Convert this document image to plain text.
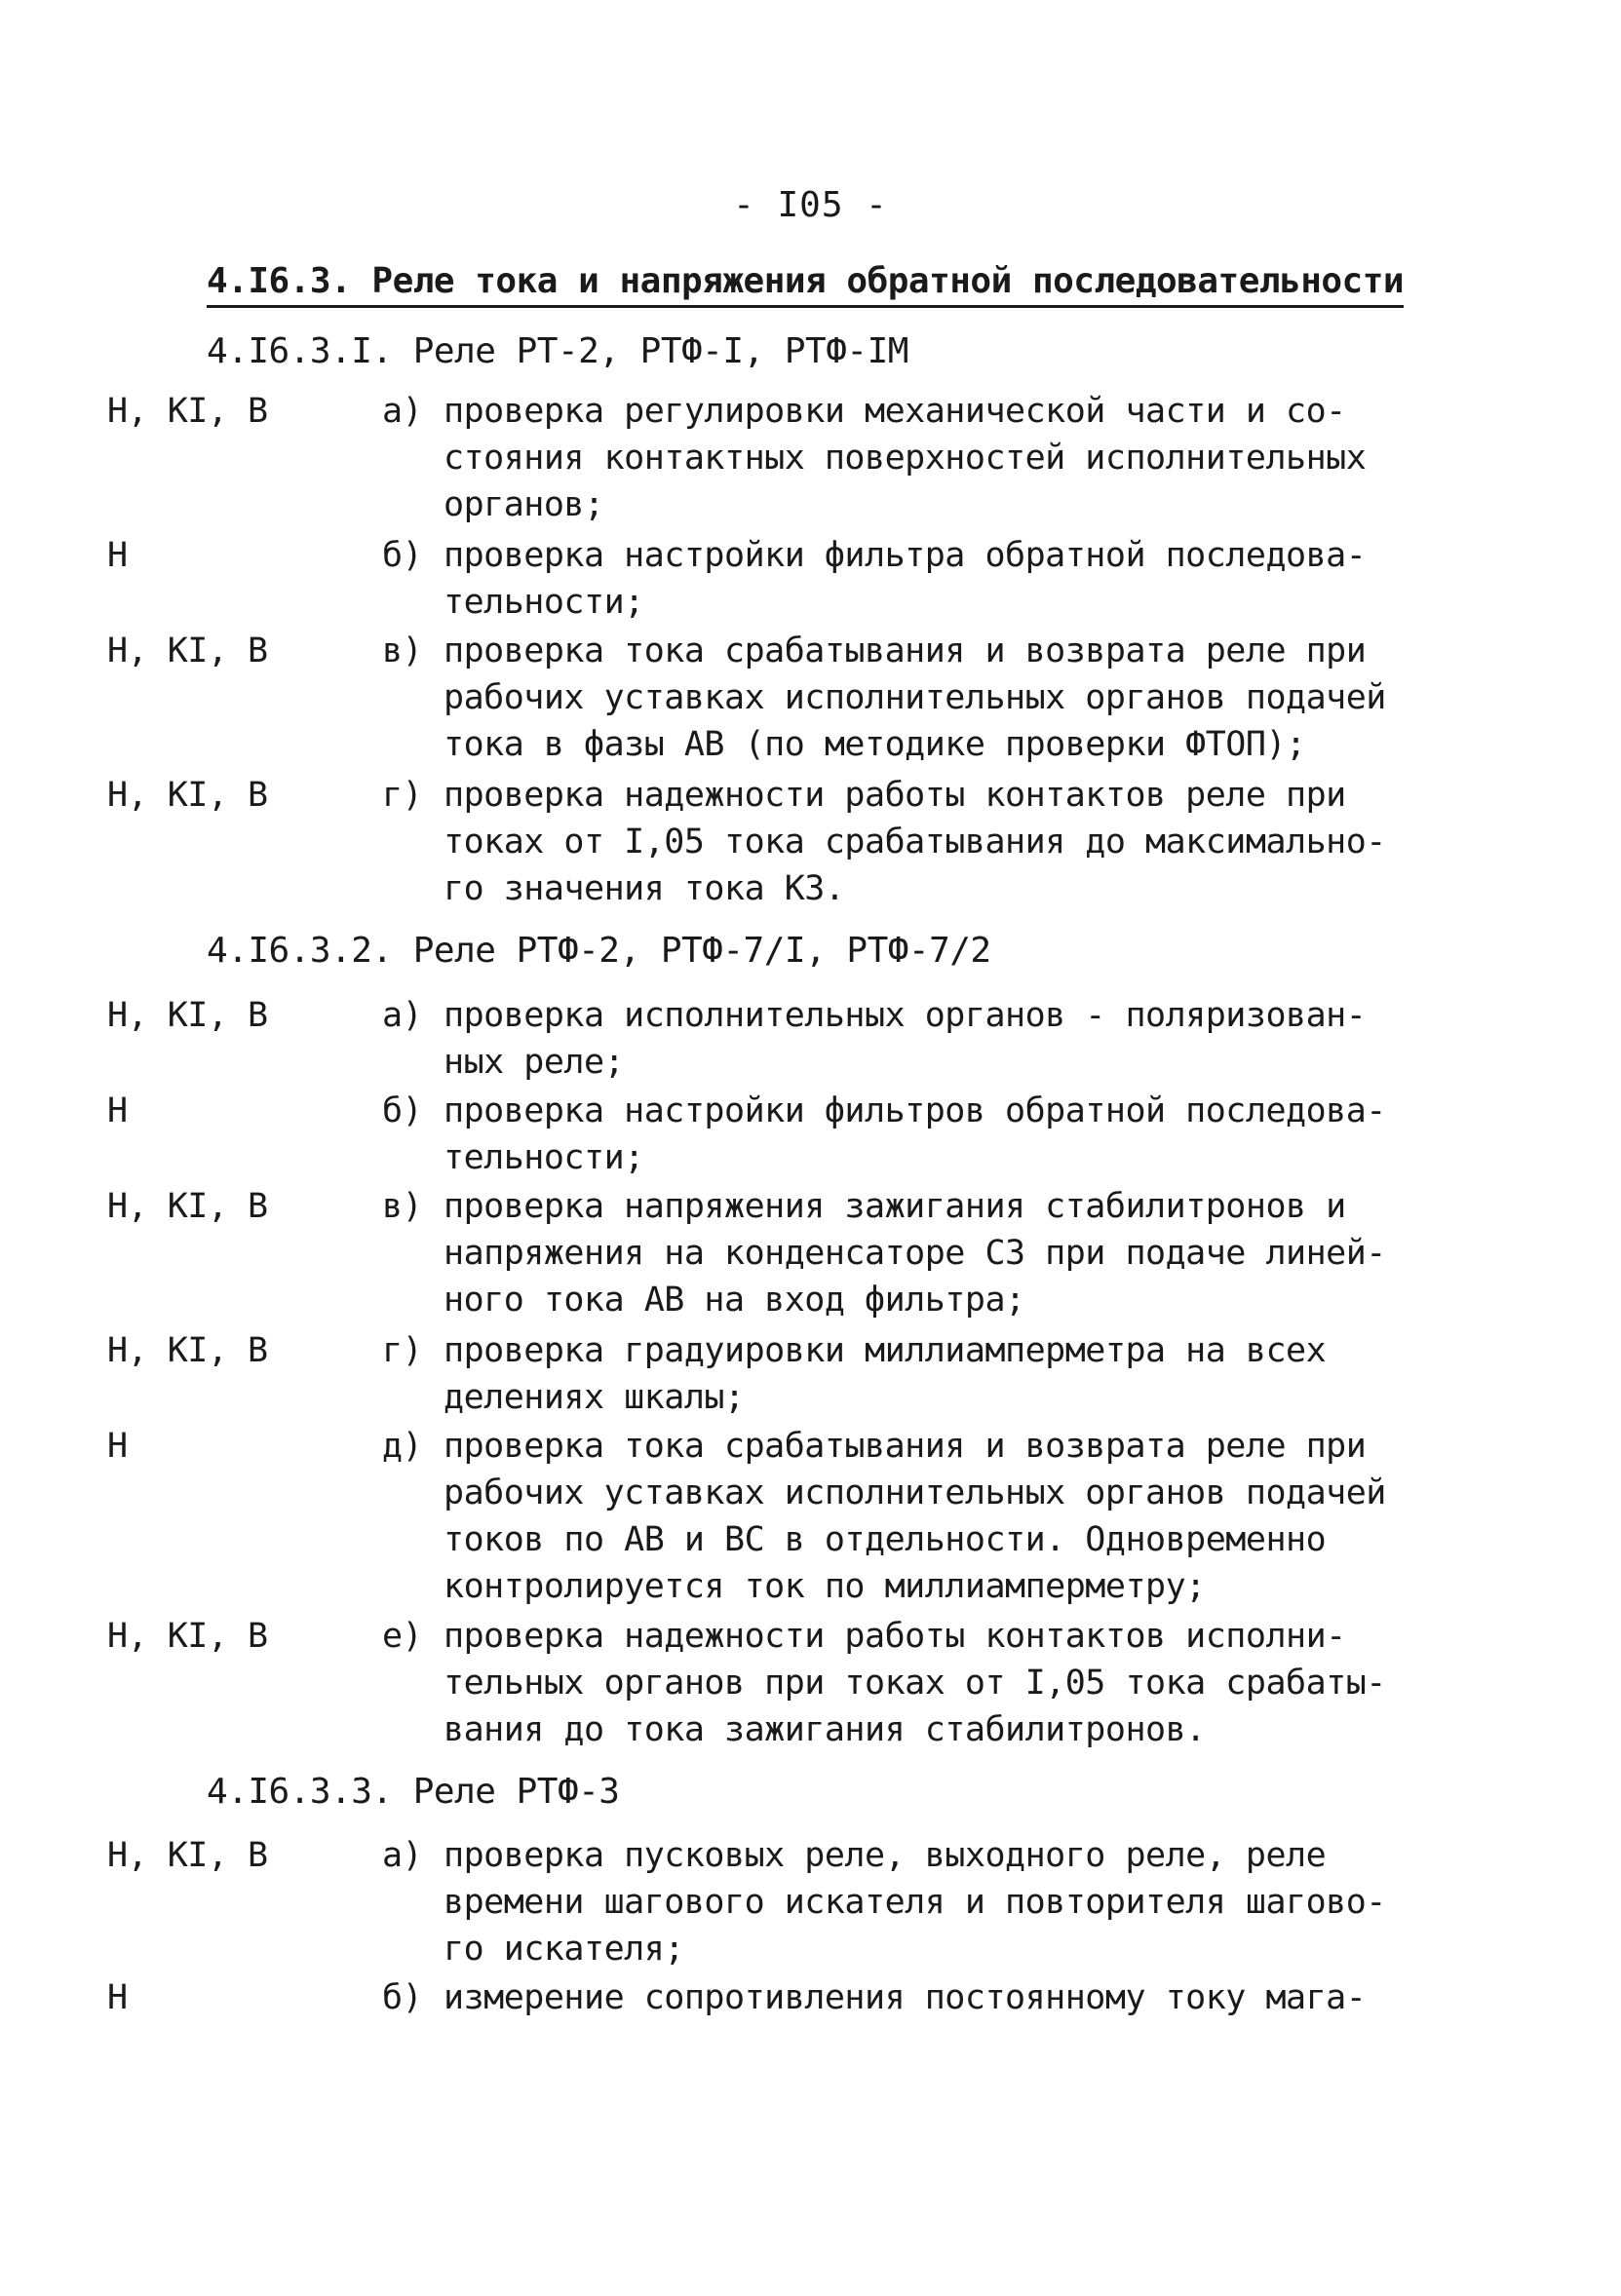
- I05 -
4.I6.3. Реле тока и напряжения обратной последовательности
4.I6.3.I. Реле РТ-2, РТФ-I, РТФ-IM
Н, КI, В	а) проверка регулировки механической части и со-
стояния контактных поверхностей исполнительных
органов;
Н	б) проверка настройки фильтра обратной последова-
тельности;
Н, КI, В	в) проверка тока срабатывания и возврата реле при
рабочих уставках исполнительных органов подачей
тока в фазы АВ (по методике проверки ФТОП);
Н, КI, В	г) проверка надежности работы контактов реле при
токах от I,05 тока срабатывания до максимально-
го значения тока КЗ.
4.I6.3.2. Реле РТФ-2, РТФ-7/I, РТФ-7/2
Н, КI, В	а) проверка исполнительных органов - поляризован-
ных реле;
Н	б) проверка настройки фильтров обратной последова-
тельности;
Н, КI, В	в) проверка напряжения зажигания стабилитронов и
напряжения на конденсаторе С3 при подаче линей-
ного тока АВ на вход фильтра;
Н, КI, В	г) проверка градуировки миллиамперметра на всех
делениях шкалы;
Н	д) проверка тока срабатывания и возврата реле при
рабочих уставках исполнительных органов подачей
токов по АВ и ВС в отдельности. Одновременно
контролируется ток по миллиамперметру;
Н, КI, В	е) проверка надежности работы контактов исполни-
тельных органов при токах от I,05 тока срабаты-
вания до тока зажигания стабилитронов.
4.I6.3.3. Реле РТФ-3
Н, КI, В	а) проверка пусковых реле, выходного реле, реле
времени шагового искателя и повторителя шагово-
го искателя;
Н	б) измерение сопротивления постоянному току мага-
